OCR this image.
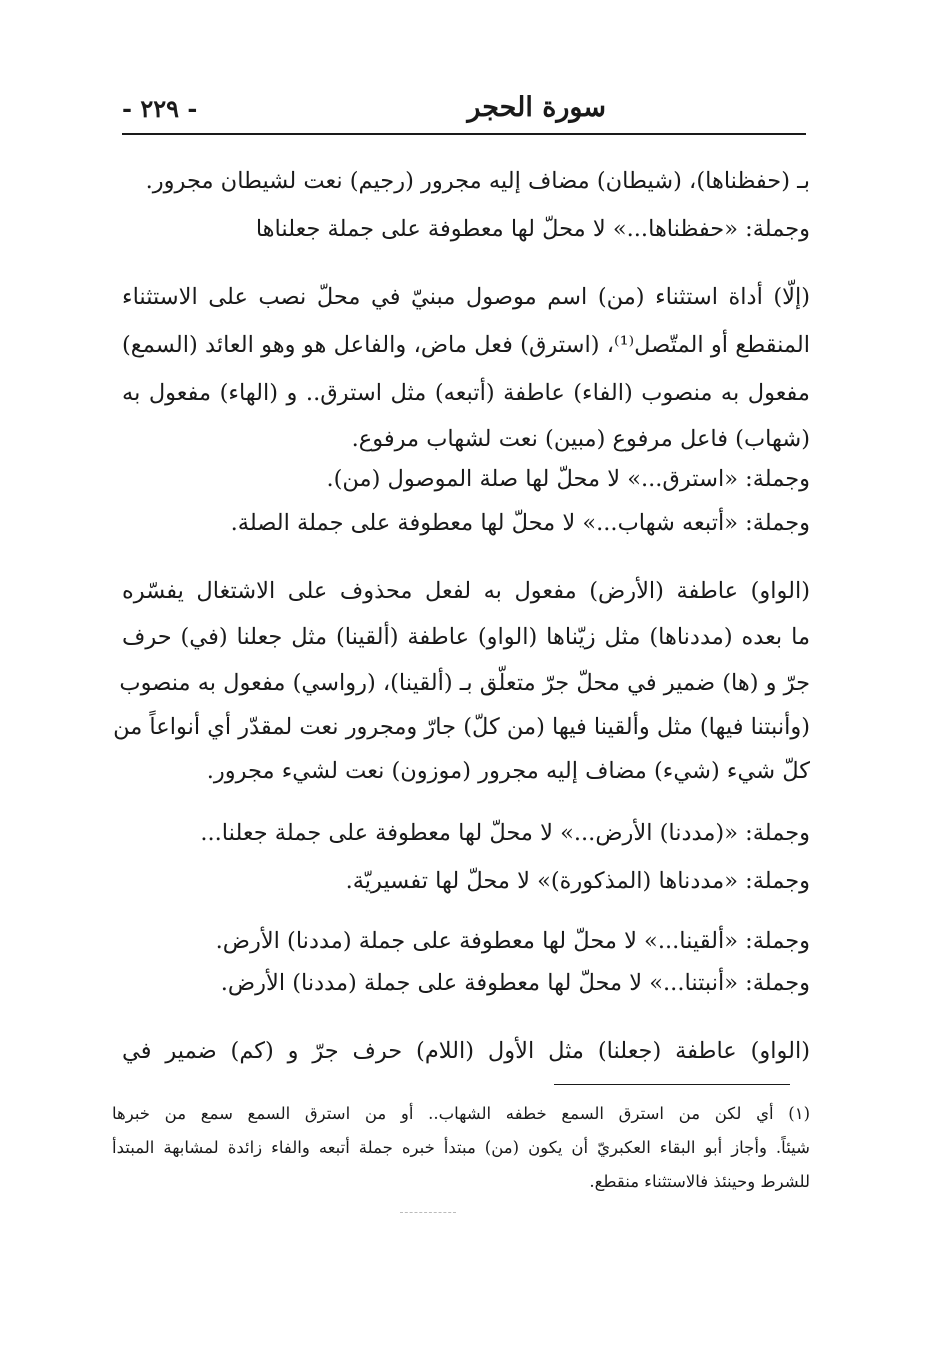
سورة الحجر
- ٢٢٩ -
بـ (حفظناها)، (شيطان) مضاف إليه مجرور (رجيم) نعت لشيطان مجرور.
وجملة: «حفظناها...» لا محلّ لها معطوفة على جملة جعلناها
(إلّا) أداة استثناء (من) اسم موصول مبنيّ في محلّ نصب على الاستثناء
المنقطع أو المتّصل⁽¹⁾، (استرق) فعل ماض، والفاعل هو وهو العائد (السمع)
مفعول به منصوب (الفاء) عاطفة (أتبعه) مثل استرق.. و (الهاء) مفعول به
(شهاب) فاعل مرفوع (مبين) نعت لشهاب مرفوع.
وجملة: «استرق...» لا محلّ لها صلة الموصول (من).
وجملة: «أتبعه شهاب...» لا محلّ لها معطوفة على جملة الصلة.
(الواو) عاطفة (الأرض) مفعول به لفعل محذوف على الاشتغال يفسّره
ما بعده (مددناها) مثل زيّناها (الواو) عاطفة (ألقينا) مثل جعلنا (في) حرف
جرّ و (ها) ضمير في محلّ جرّ متعلّق بـ (ألقينا)، (رواسي) مفعول به منصوب
(وأنبتنا فيها) مثل وألقينا فيها (من كلّ) جارّ ومجرور نعت لمقدّر أي أنواعاً من
كلّ شيء (شيء) مضاف إليه مجرور (موزون) نعت لشيء مجرور.
وجملة: «(مددنا) الأرض...» لا محلّ لها معطوفة على جملة جعلنا...
وجملة: «مددناها (المذكورة)» لا محلّ لها تفسيريّة.
وجملة: «ألقينا...» لا محلّ لها معطوفة على جملة (مددنا) الأرض.
وجملة: «أنبتنا...» لا محلّ لها معطوفة على جملة (مددنا) الأرض.
(الواو) عاطفة (جعلنا) مثل الأول (اللام) حرف جرّ و (كم) ضمير في
(١) أي لكن من استرق السمع خطفه الشهاب.. أو من استرق السمع سمع من خبرها
شيئاً. وأجاز أبو البقاء العكبريّ أن يكون (من) مبتدأ خبره جملة أتبعه والفاء زائدة لمشابهة المبتدأ
للشرط وحينئذ فالاستثناء منقطع.
